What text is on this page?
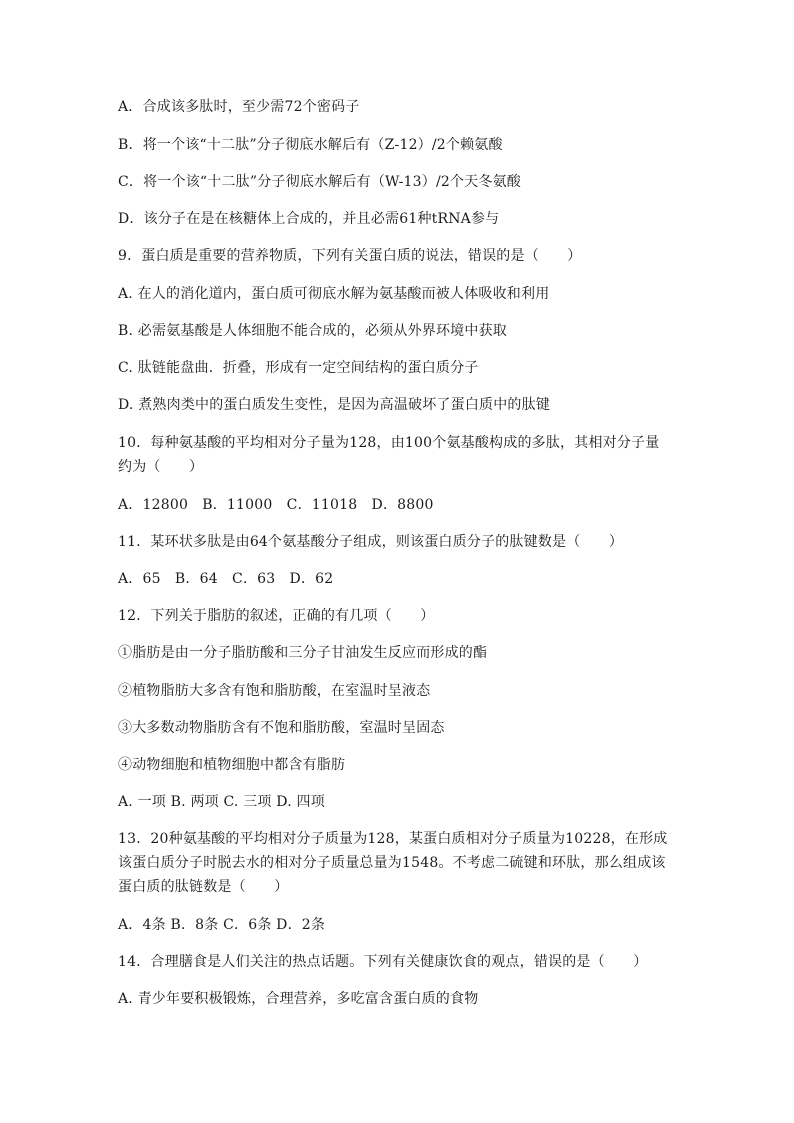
A．合成该多肽时，至少需72个密码子
B．将一个该“十二肽”分子彻底水解后有（Z-12）/2个赖氨酸
C．将一个该“十二肽”分子彻底水解后有（W-13）/2个天冬氨酸
D．该分子在是在核糖体上合成的，并且必需61种tRNA参与
9．蛋白质是重要的营养物质，下列有关蛋白质的说法，错误的是（　　）
A. 在人的消化道内，蛋白质可彻底水解为氨基酸而被人体吸收和利用
B. 必需氨基酸是人体细胞不能合成的，必须从外界环境中获取
C. 肽链能盘曲．折叠，形成有一定空间结构的蛋白质分子
D. 煮熟肉类中的蛋白质发生变性，是因为高温破坏了蛋白质中的肽键
10．每种氨基酸的平均相对分子量为128，由100个氨基酸构成的多肽，其相对分子量
约为（　　）
A．12800　B．11000　C．11018　D．8800
11．某环状多肽是由64个氨基酸分子组成，则该蛋白质分子的肽键数是（　　）
A．65　B．64　C．63　D．62
12．下列关于脂肪的叙述，正确的有几项（　　）
①脂肪是由一分子脂肪酸和三分子甘油发生反应而形成的酯
②植物脂肪大多含有饱和脂肪酸，在室温时呈液态
③大多数动物脂肪含有不饱和脂肪酸，室温时呈固态
④动物细胞和植物细胞中都含有脂肪
A. 一项 B. 两项 C. 三项 D. 四项
13．20种氨基酸的平均相对分子质量为128，某蛋白质相对分子质量为10228，在形成
该蛋白质分子时脱去水的相对分子质量总量为1548。不考虑二硫键和环肽，那么组成该
蛋白质的肽链数是（　　）
A．4条 B．8条 C．6条 D．2条
14．合理膳食是人们关注的热点话题。下列有关健康饮食的观点，错误的是（　　）
A. 青少年要积极锻炼，合理营养，多吃富含蛋白质的食物
